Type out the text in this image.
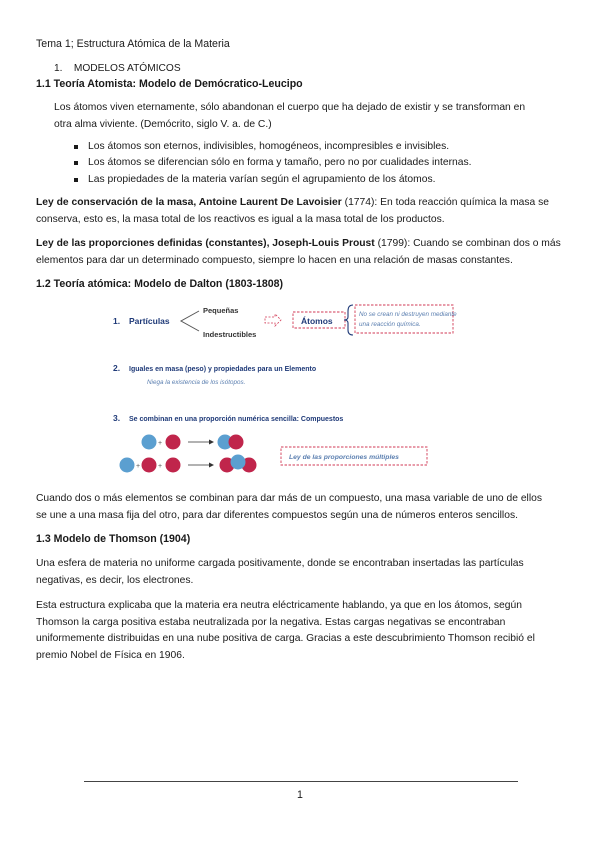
Tema 1; Estructura Atómica de la Materia
1. MODELOS ATÓMICOS
1.1 Teoría Atomista: Modelo de Demócratico-Leucipo
Los átomos viven eternamente, sólo abandonan el cuerpo que ha dejado de existir y se transforman en
otra alma viviente. (Demócrito, siglo V. a. de C.)
Los átomos son eternos, indivisibles, homogéneos, incompresibles e invisibles.
Los átomos se diferencian sólo en forma y tamaño, pero no por cualidades internas.
Las propiedades de la materia varían según el agrupamiento de los átomos.
Ley de conservación de la masa, Antoine Laurent De Lavoisier (1774): En toda reacción química la masa se
conserva, esto es, la masa total de los reactivos es igual a la masa total de los productos.
Ley de las proporciones definidas (constantes), Joseph-Louis Proust (1799): Cuando se combinan dos o más
elementos para dar un determinado compuesto, siempre lo hacen en una relación de masas constantes.
1.2 Teoría atómica: Modelo de Dalton (1803-1808)
1. Partículas
Pequeñas
Indestructibles
Átomos
No se crean ni destruyen mediante
una reacción química.
2. Iguales en masa (peso) y propiedades para un Elemento
Niega la existencia de los isótopos.
3. Se combinan en una proporción numérica sencilla: Compuestos
+
+	+
Ley de las proporciones múltiples
Cuando dos o más elementos se combinan para dar más de un compuesto, una masa variable de uno de ellos
se une a una masa fija del otro, para dar diferentes compuestos según una de números enteros sencillos.
1.3 Modelo de Thomson (1904)
Una esfera de materia no uniforme cargada positivamente, donde se encontraban insertadas las partículas
negativas, es decir, los electrones.
Esta estructura explicaba que la materia era neutra eléctricamente hablando, ya que en los átomos, según
Thomson la carga positiva estaba neutralizada por la negativa. Estas cargas negativas se encontraban
uniformemente distribuidas en una nube positiva de carga. Gracias a este descubrimiento Thomson recibió el
premio Nobel de Física en 1906.
1
